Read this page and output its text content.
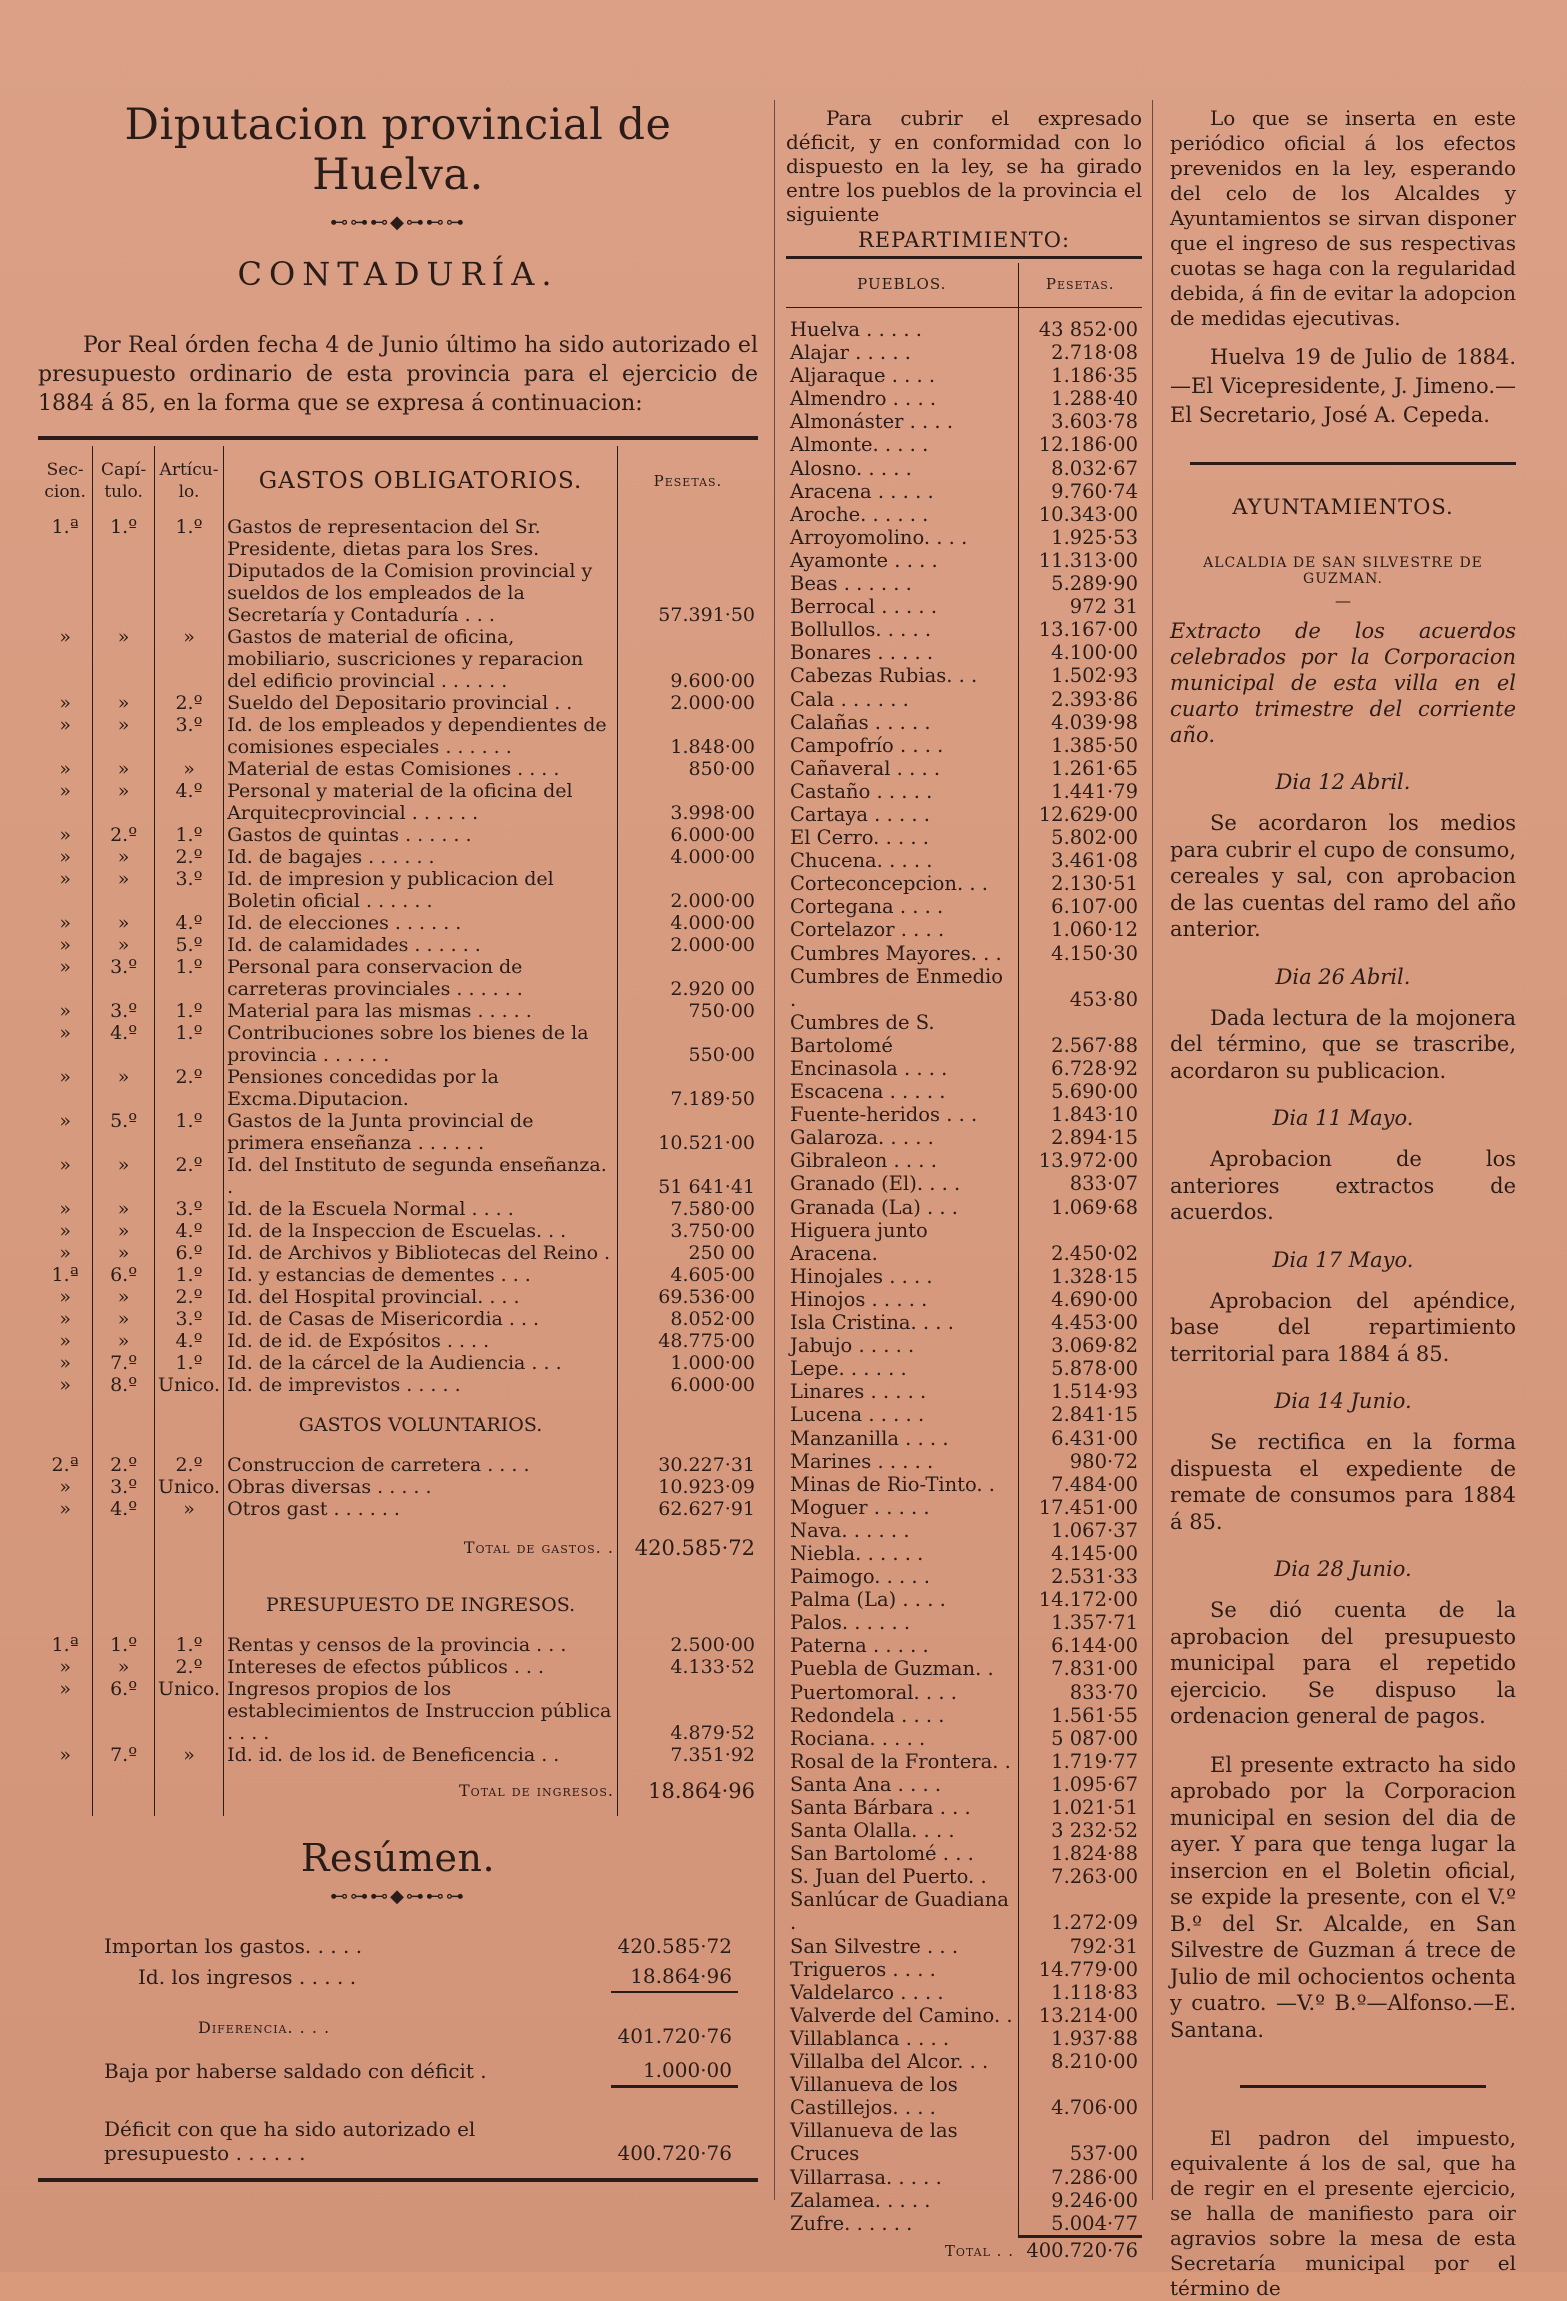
Diputacion provincial de Huelva.
⊷⊶⊷◆⊶⊷⊶
CONTADURÍA.
Por Real órden fecha 4 de Junio último ha sido autorizado el presupuesto ordinario de esta provincia para el ejercicio de 1884 á 85, en la forma que se expresa á continuacion:
Sec- cion.	Capí- tulo.	Artícu- lo.	GASTOS OBLIGATORIOS.	Pesetas.
1.ª	1.º	1.º	Gastos de representacion del Sr. Presidente, dietas para los Sres. Diputados de la Comision provincial y sueldos de los empleados de la Secretaría y Contaduría . . .	57.391·50
»	»	»	Gastos de material de oficina, mobiliario, suscriciones y reparacion del edificio provincial . . . . . .	9.600·00
»	»	2.º	Sueldo del Depositario provincial . .	2.000·00
»	»	3.º	Id. de los empleados y dependientes de comisiones especiales . . . . . .	1.848·00
»	»	»	Material de estas Comisiones . . . .	850·00
»	»	4.º	Personal y material de la oficina del Arquitecprovincial . . . . . .	3.998·00
»	2.º	1.º	Gastos de quintas . . . . . .	6.000·00
»	»	2.º	Id. de bagajes . . . . . .	4.000·00
»	»	3.º	Id. de impresion y publicacion del Boletin oficial . . . . . .	2.000·00
»	»	4.º	Id. de elecciones . . . . . .	4.000·00
»	»	5.º	Id. de calamidades . . . . . .	2.000·00
»	3.º	1.º	Personal para conservacion de carreteras provinciales . . . . . .	2.920 00
»	3.º	1.º	Material para las mismas . . . . .	750·00
»	4.º	1.º	Contribuciones sobre los bienes de la provincia . . . . . .	550·00
»	»	2.º	Pensiones concedidas por la Excma.Diputacion.	7.189·50
»	5.º	1.º	Gastos de la Junta provincial de primera enseñanza . . . . . .	10.521·00
»	»	2.º	Id. del Instituto de segunda enseñanza. .	51 641·41
»	»	3.º	Id. de la Escuela Normal . . . .	7.580·00
»	»	4.º	Id. de la Inspeccion de Escuelas. . .	3.750·00
»	»	6.º	Id. de Archivos y Bibliotecas del Reino .	250 00
1.ª	6.º	1.º	Id. y estancias de dementes . . .	4.605·00
»	»	2.º	Id. del Hospital provincial. . . .	69.536·00
»	»	3.º	Id. de Casas de Misericordia . . .	8.052·00
»	»	4.º	Id. de id. de Expósitos . . . .	48.775·00
»	7.º	1.º	Id. de la cárcel de la Audiencia . . .	1.000·00
»	8.º	Unico.	Id. de imprevistos . . . . .	6.000·00
			GASTOS VOLUNTARIOS.	
2.ª	2.º	2.º	Construccion de carretera . . . .	30.227·31
»	3.º	Unico.	Obras diversas . . . . .	10.923·09
»	4.º	»	Otros gast . . . . . .	62.627·91
			Total de gastos. .	420.585·72
			PRESUPUESTO DE INGRESOS.	
1.ª	1.º	1.º	Rentas y censos de la provincia . . .	2.500·00
»	»	2.º	Intereses de efectos públicos . . .	4.133·52
»	6.º	Unico.	Ingresos propios de los establecimientos de Instruccion pública . . . .	4.879·52
»	7.º	»	Id. id. de los id. de Beneficencia . .	7.351·92
			Total de ingresos.	18.864·96
Resúmen.
⊷⊶⊷◆⊶⊷⊶
Importan los gastos. . . . .	420.585·72
Id. los ingresos . . . . .	18.864·96
Diferencia. . . .	401.720·76
Baja por haberse saldado con déficit .	1.000·00
Déficit con que ha sido autorizado el presupuesto . . . . . .	400.720·76
Para cubrir el expresado déficit, y en conformidad con lo dispuesto en la ley, se ha girado entre los pueblos de la provincia el siguiente
REPARTIMIENTO:
PUEBLOS.	Pesetas.

Huelva . . . . .	43 852·00
Alajar . . . . .	2.718·08
Aljaraque . . . .	1.186·35
Almendro . . . .	1.288·40
Almonáster . . . .	3.603·78
Almonte. . . . .	12.186·00
Alosno. . . . .	8.032·67
Aracena . . . . .	9.760·74
Aroche. . . . . .	10.343·00
Arroyomolino. . . .	1.925·53
Ayamonte . . . .	11.313·00
Beas . . . . . .	5.289·90
Berrocal . . . . .	972 31
Bollullos. . . . .	13.167·00
Bonares . . . . .	4.100·00
Cabezas Rubias. . .	1.502·93
Cala . . . . . .	2.393·86
Calañas . . . . .	4.039·98
Campofrío . . . .	1.385·50
Cañaveral . . . .	1.261·65
Castaño . . . . .	1.441·79
Cartaya . . . . .	12.629·00
El Cerro. . . . .	5.802·00
Chucena. . . . .	3.461·08
Corteconcepcion. . .	2.130·51
Cortegana . . . .	6.107·00
Cortelazor . . . .	1.060·12
Cumbres Mayores. . .	4.150·30
Cumbres de Enmedio .	453·80
Cumbres de S. Bartolomé	2.567·88
Encinasola . . . .	6.728·92
Escacena . . . . .	5.690·00
Fuente-heridos . . .	1.843·10
Galaroza. . . . .	2.894·15
Gibraleon . . . .	13.972·00
Granado (El). . . .	833·07
Granada (La) . . .	1.069·68
Higuera junto Aracena.	2.450·02
Hinojales . . . .	1.328·15
Hinojos . . . . .	4.690·00
Isla Cristina. . . .	4.453·00
Jabujo . . . . .	3.069·82
Lepe. . . . . .	5.878·00
Linares . . . . .	1.514·93
Lucena . . . . .	2.841·15
Manzanilla . . . .	6.431·00
Marines . . . . .	980·72
Minas de Rio-Tinto. .	7.484·00
Moguer . . . . .	17.451·00
Nava. . . . . .	1.067·37
Niebla. . . . . .	4.145·00
Paimogo. . . . .	2.531·33
Palma (La) . . . .	14.172·00
Palos. . . . . .	1.357·71
Paterna . . . . .	6.144·00
Puebla de Guzman. .	7.831·00
Puertomoral. . . .	833·70
Redondela . . . .	1.561·55
Rociana. . . . .	5 087·00
Rosal de la Frontera. .	1.719·77
Santa Ana . . . .	1.095·67
Santa Bárbara . . .	1.021·51
Santa Olalla. . . .	3 232·52
San Bartolomé . . .	1.824·88
S. Juan del Puerto. .	7.263·00
Sanlúcar de Guadiana .	1.272·09
San Silvestre . . .	792·31
Trigueros . . . .	14.779·00
Valdelarco . . . .	1.118·83
Valverde del Camino. .	13.214·00
Villablanca . . . .	1.937·88
Villalba del Alcor. . .	8.210·00
Villanueva de los Castillejos. . . .	4.706·00
Villanueva de las Cruces	537·00
Villarrasa. . . . .	7.286·00
Zalamea. . . . .	9.246·00
Zufre. . . . . .	5.004·77
Total . .	400.720·76
Lo que se inserta en este periódico oficial á los efectos prevenidos en la ley, esperando del celo de los Alcaldes y Ayuntamientos se sirvan disponer que el ingreso de sus respectivas cuotas se haga con la regularidad debida, á fin de evitar la adopcion de medidas ejecutivas.
Huelva 19 de Julio de 1884.—El Vicepresidente, J. Jimeno.—El Secretario, José A. Cepeda.
AYUNTAMIENTOS.
ALCALDIA DE SAN SILVESTRE DE GUZMAN.
—
Extracto de los acuerdos celebrados por la Corporacion municipal de esta villa en el cuarto trimestre del corriente año.
Dia 12 Abril.
Se acordaron los medios para cubrir el cupo de consumo, cereales y sal, con aprobacion de las cuentas del ramo del año anterior.
Dia 26 Abril.
Dada lectura de la mojonera del término, que se trascribe, acordaron su publicacion.
Dia 11 Mayo.
Aprobacion de los anteriores extractos de acuerdos.
Dia 17 Mayo.
Aprobacion del apéndice, base del repartimiento territorial para 1884 á 85.
Dia 14 Junio.
Se rectifica en la forma dispuesta el expediente de remate de consumos para 1884 á 85.
Dia 28 Junio.
Se dió cuenta de la aprobacion del presupuesto municipal para el repetido ejercicio. Se dispuso la ordenacion general de pagos.
El presente extracto ha sido aprobado por la Corporacion municipal en sesion del dia de ayer. Y para que tenga lugar la insercion en el Boletin oficial, se expide la presente, con el V.º B.º del Sr. Alcalde, en San Silvestre de Guzman á trece de Julio de mil ochocientos ochenta y cuatro. —V.º B.º—Alfonso.—E. Santana.
El padron del impuesto, equivalente á los de sal, que ha de regir en el presente ejercicio, se halla de manifiesto para oir agravios sobre la mesa de esta Secretaría municipal por el término de
